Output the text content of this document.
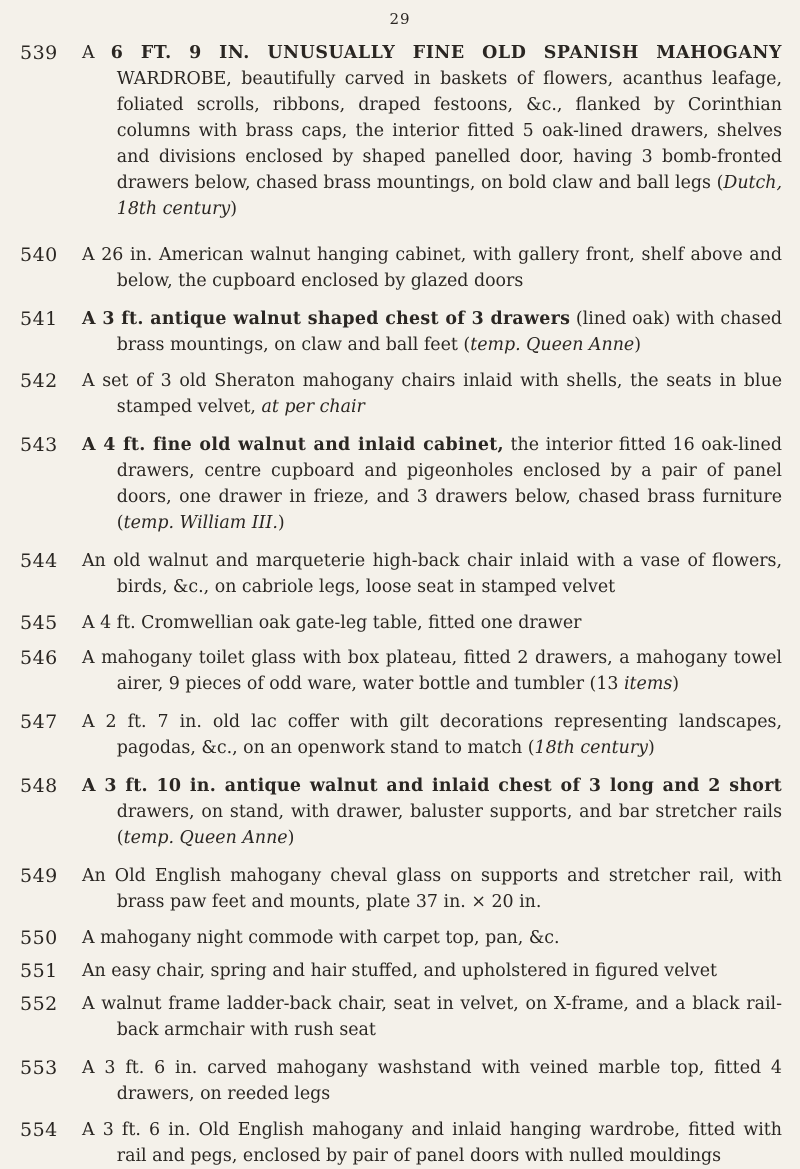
29
539	A 6 FT. 9 IN. UNUSUALLY FINE OLD SPANISH MAHOGANY WARDROBE, beautifully carved in baskets of flowers, acanthus leafage, foliated scrolls, ribbons, draped festoons, &c., flanked by Corinthian columns with brass caps, the interior fitted 5 oak-lined drawers, shelves and divisions enclosed by shaped panelled door, having 3 bomb-fronted drawers below, chased brass mountings, on bold claw and ball legs (Dutch, 18th century)
540	A 26 in. American walnut hanging cabinet, with gallery front, shelf above and below, the cupboard enclosed by glazed doors
541	A 3 ft. antique walnut shaped chest of 3 drawers (lined oak) with chased brass mountings, on claw and ball feet (temp. Queen Anne)
542	A set of 3 old Sheraton mahogany chairs inlaid with shells, the seats in blue stamped velvet, at per chair
543	A 4 ft. fine old walnut and inlaid cabinet, the interior fitted 16 oak-lined drawers, centre cupboard and pigeonholes enclosed by a pair of panel doors, one drawer in frieze, and 3 drawers below, chased brass furniture (temp. William III.)
544	An old walnut and marqueterie high-back chair inlaid with a vase of flowers, birds, &c., on cabriole legs, loose seat in stamped velvet
545	A 4 ft. Cromwellian oak gate-leg table, fitted one drawer
546	A mahogany toilet glass with box plateau, fitted 2 drawers, a mahogany towel airer, 9 pieces of odd ware, water bottle and tumbler (13 items)
547	A 2 ft. 7 in. old lac coffer with gilt decorations representing landscapes, pagodas, &c., on an openwork stand to match (18th century)
548	A 3 ft. 10 in. antique walnut and inlaid chest of 3 long and 2 short drawers, on stand, with drawer, baluster supports, and bar stretcher rails (temp. Queen Anne)
549	An Old English mahogany cheval glass on supports and stretcher rail, with brass paw feet and mounts, plate 37 in. × 20 in.
550	A mahogany night commode with carpet top, pan, &c.
551	An easy chair, spring and hair stuffed, and upholstered in figured velvet
552	A walnut frame ladder-back chair, seat in velvet, on X-frame, and a black rail-back armchair with rush seat
553	A 3 ft. 6 in. carved mahogany washstand with veined marble top, fitted 4 drawers, on reeded legs
554	A 3 ft. 6 in. Old English mahogany and inlaid hanging wardrobe, fitted with rail and pegs, enclosed by pair of panel doors with nulled mouldings
